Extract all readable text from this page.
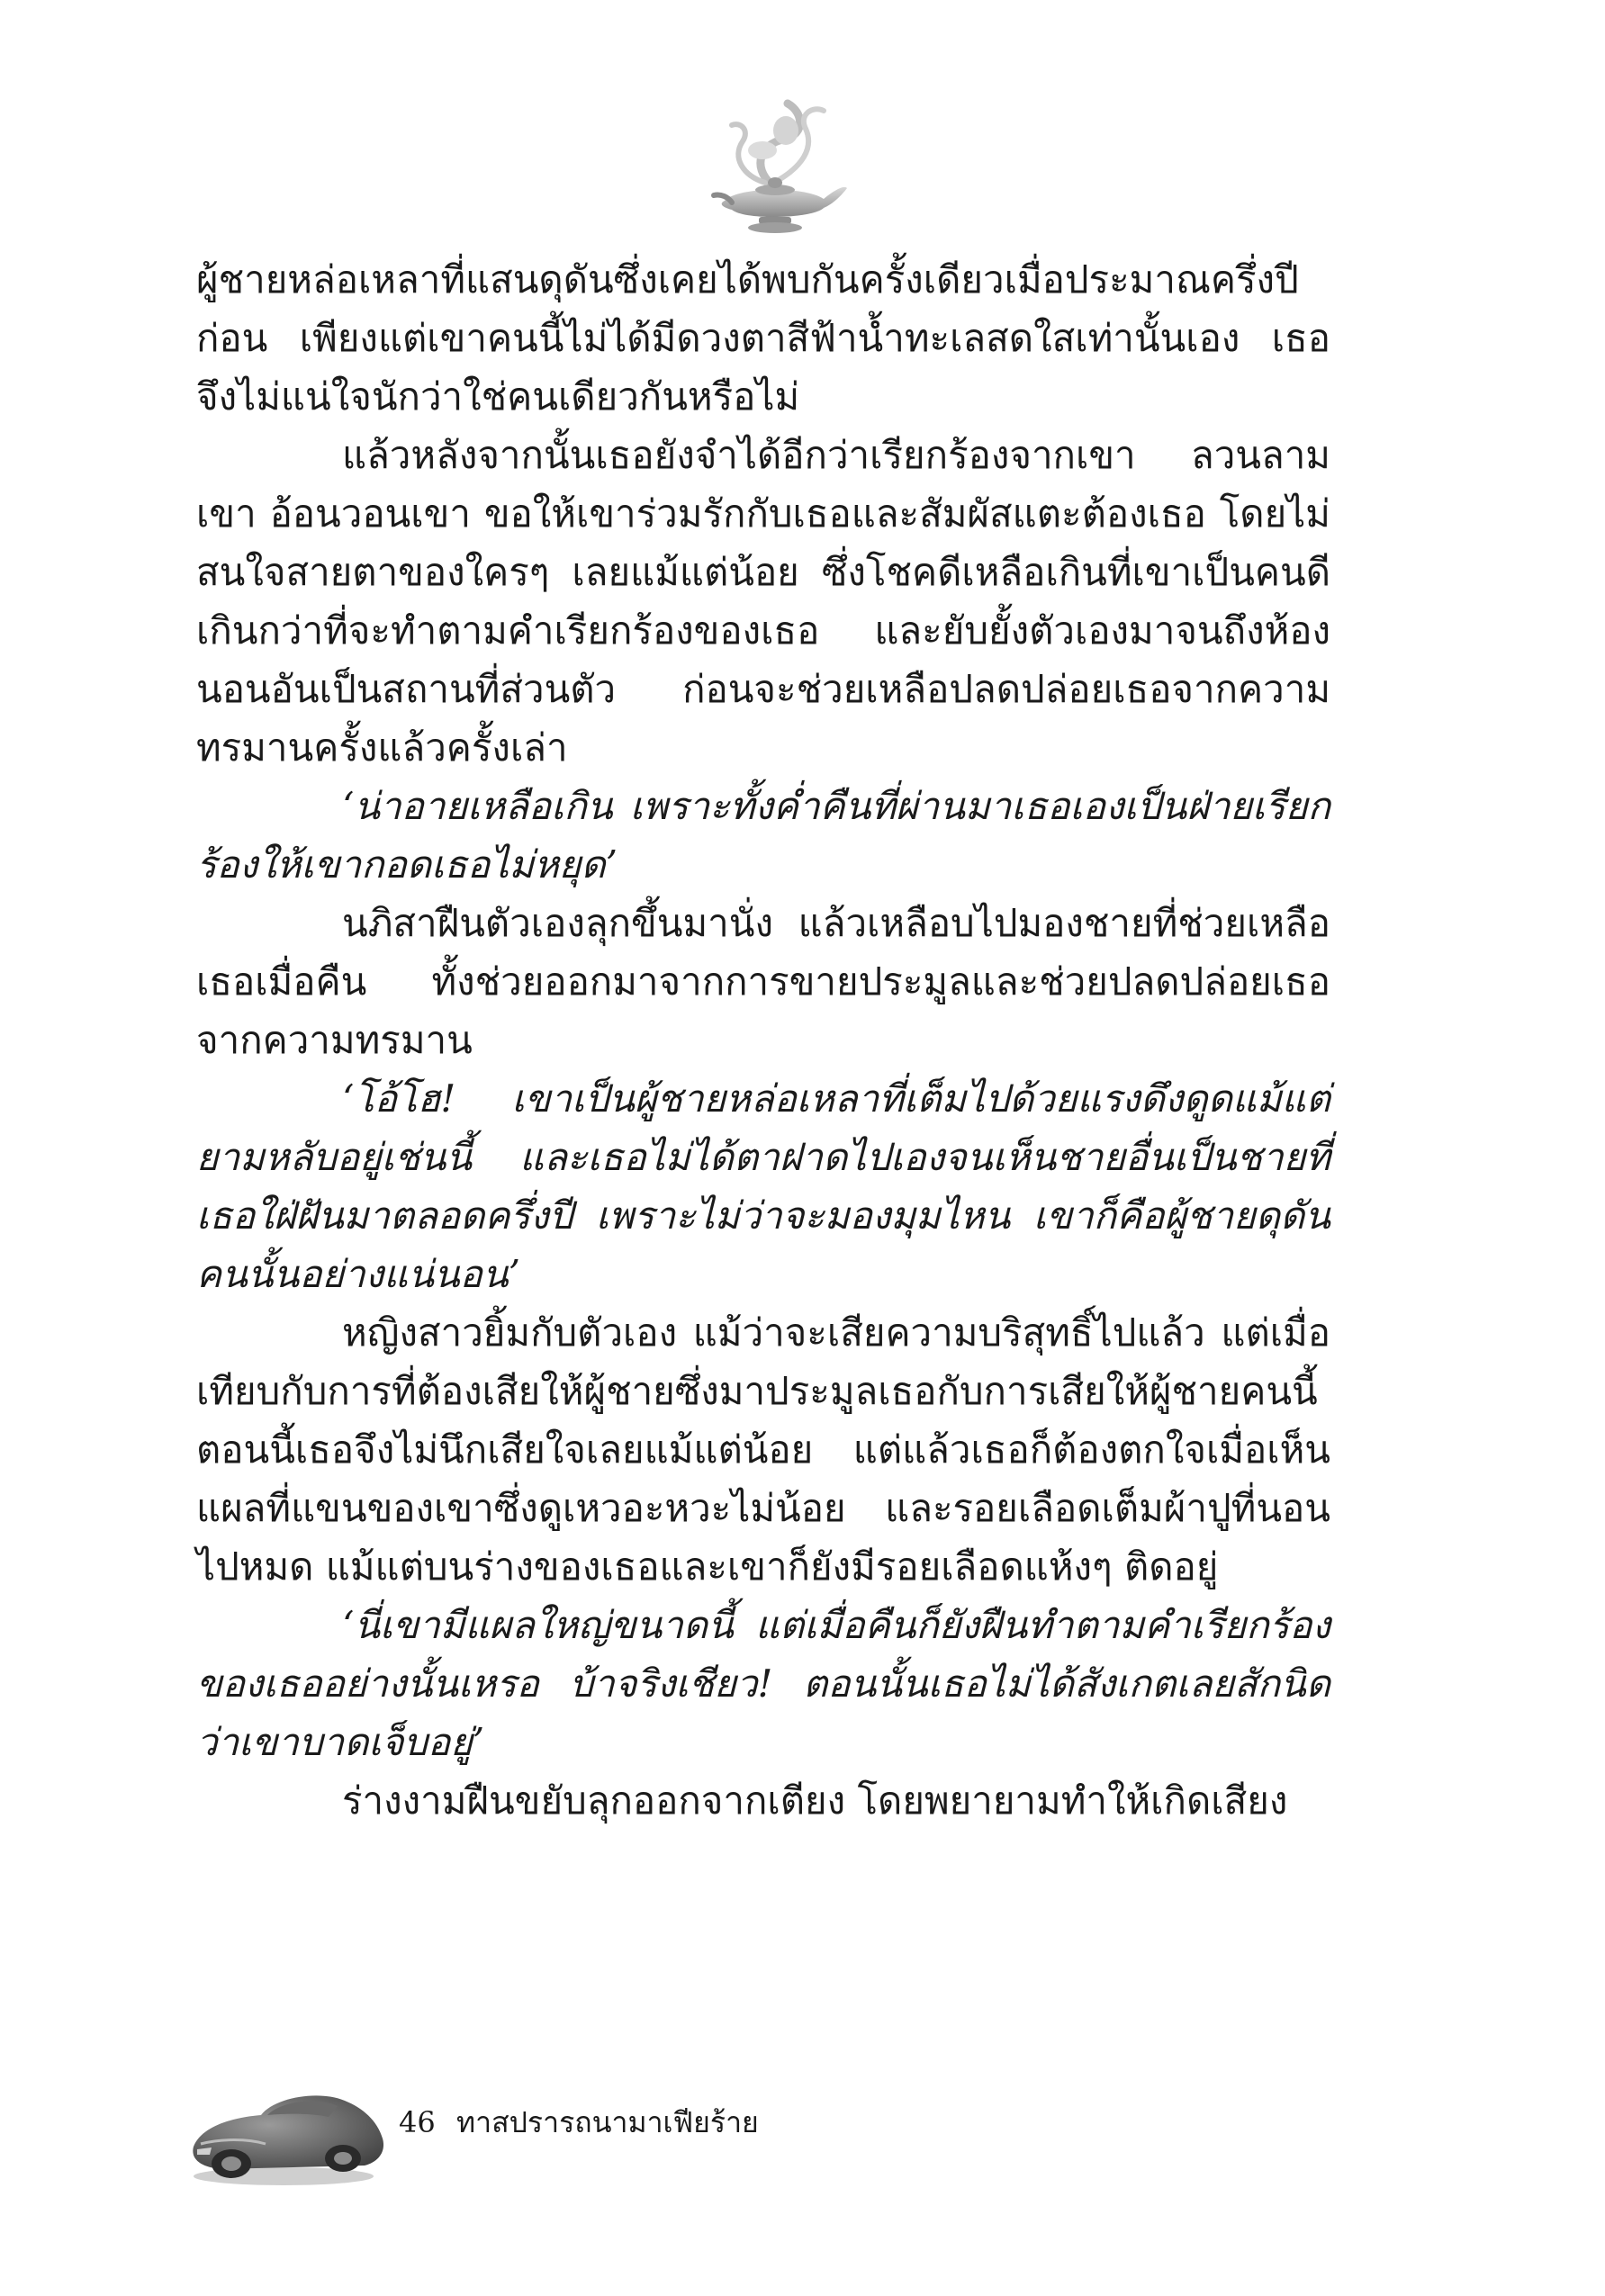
ผู้ชายหล่อเหลาที่แสนดุดันซึ่งเคยได้พบกันครั้งเดียวเมื่อประมาณครึ่งปีก่อน เพียงแต่เขาคนนี้ไม่ได้มีดวงตาสีฟ้าน้ำทะเลสดใสเท่านั้นเอง เธอจึงไม่แน่ใจนักว่าใช่คนเดียวกันหรือไม่

แล้วหลังจากนั้นเธอยังจำได้อีกว่าเรียกร้องจากเขา ลวนลามเขา อ้อนวอนเขา ขอให้เขาร่วมรักกับเธอและสัมผัสแตะต้องเธอ โดยไม่สนใจสายตาของใครๆ เลยแม้แต่น้อย ซึ่งโชคดีเหลือเกินที่เขาเป็นคนดีเกินกว่าที่จะทำตามคำเรียกร้องของเธอ และยับยั้งตัวเองมาจนถึงห้องนอนอันเป็นสถานที่ส่วนตัว ก่อนจะช่วยเหลือปลดปล่อยเธอจากความทรมานครั้งแล้วครั้งเล่า

‘น่าอายเหลือเกิน เพราะทั้งค่ำคืนที่ผ่านมาเธอเองเป็นฝ่ายเรียกร้องให้เขากอดเธอไม่หยุด’

นภิสาฝืนตัวเองลุกขึ้นมานั่ง แล้วเหลือบไปมองชายที่ช่วยเหลือเธอเมื่อคืน ทั้งช่วยออกมาจากการขายประมูลและช่วยปลดปล่อยเธอจากความทรมาน

‘โอ้โฮ! เขาเป็นผู้ชายหล่อเหลาที่เต็มไปด้วยแรงดึงดูดแม้แต่ยามหลับอยู่เช่นนี้ และเธอไม่ได้ตาฝาดไปเองจนเห็นชายอื่นเป็นชายที่เธอใฝ่ฝันมาตลอดครึ่งปี เพราะไม่ว่าจะมองมุมไหน เขาก็คือผู้ชายดุดันคนนั้นอย่างแน่นอน’

หญิงสาวยิ้มกับตัวเอง แม้ว่าจะเสียความบริสุทธิ์ไปแล้ว แต่เมื่อเทียบกับการที่ต้องเสียให้ผู้ชายซึ่งมาประมูลเธอกับการเสียให้ผู้ชายคนนี้ ตอนนี้เธอจึงไม่นึกเสียใจเลยแม้แต่น้อย แต่แล้วเธอก็ต้องตกใจเมื่อเห็นแผลที่แขนของเขาซึ่งดูเหวอะหวะไม่น้อย และรอยเลือดเต็มผ้าปูที่นอนไปหมด แม้แต่บนร่างของเธอและเขาก็ยังมีรอยเลือดแห้งๆ ติดอยู่

‘นี่เขามีแผลใหญ่ขนาดนี้ แต่เมื่อคืนก็ยังฝืนทำตามคำเรียกร้องของเธออย่างนั้นเหรอ บ้าจริงเชียว! ตอนนั้นเธอไม่ได้สังเกตเลยสักนิดว่าเขาบาดเจ็บอยู่’

ร่างงามฝืนขยับลุกออกจากเตียง โดยพยายามทำให้เกิดเสียง

46 ทาสปรารถนามาเฟียร้าย
